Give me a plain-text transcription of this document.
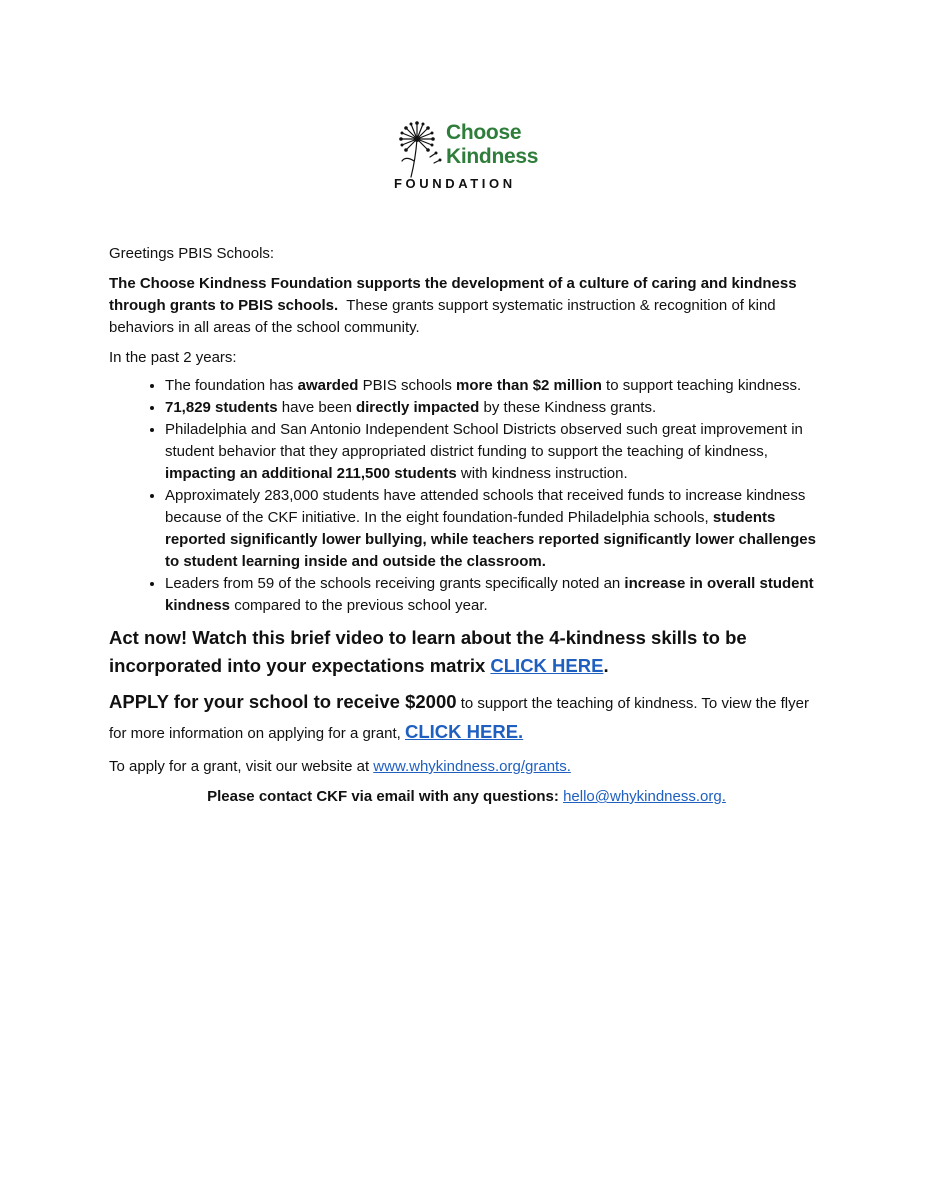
Choose
Kindness
FOUNDATION

Greetings PBIS Schools:

The Choose Kindness Foundation supports the development of a culture of caring and kindness through grants to PBIS schools. These grants support systematic instruction & recognition of kind behaviors in all areas of the school community.

In the past 2 years:

• The foundation has awarded PBIS schools more than $2 million to support teaching kindness.
• 71,829 students have been directly impacted by these Kindness grants.
• Philadelphia and San Antonio Independent School Districts observed such great improvement in student behavior that they appropriated district funding to support the teaching of kindness, impacting an additional 211,500 students with kindness instruction.
• Approximately 283,000 students have attended schools that received funds to increase kindness because of the CKF initiative. In the eight foundation-funded Philadelphia schools, students reported significantly lower bullying, while teachers reported significantly lower challenges to student learning inside and outside the classroom.
• Leaders from 59 of the schools receiving grants specifically noted an increase in overall student kindness compared to the previous school year.

Act now! Watch this brief video to learn about the 4-kindness skills to be incorporated into your expectations matrix CLICK HERE.

APPLY for your school to receive $2000 to support the teaching of kindness. To view the flyer for more information on applying for a grant, CLICK HERE.

To apply for a grant, visit our website at www.whykindness.org/grants.

Please contact CKF via email with any questions: hello@whykindness.org.
